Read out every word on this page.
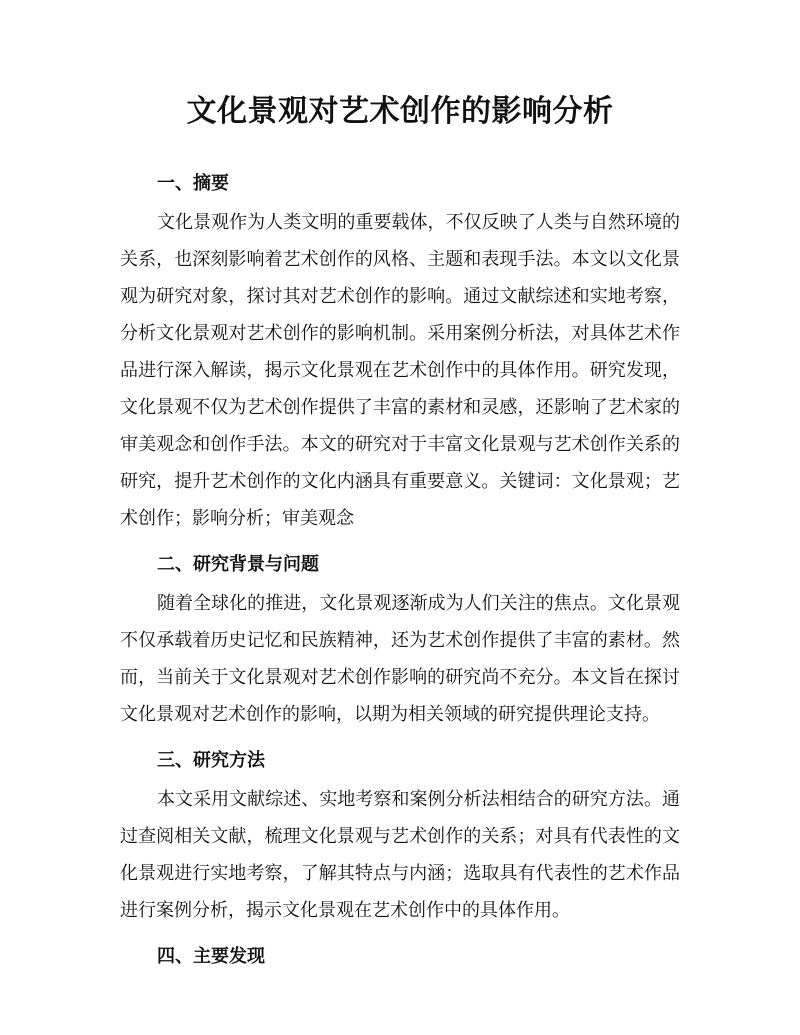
文化景观对艺术创作的影响分析
一、摘要

文化景观作为人类文明的重要载体，不仅反映了人类与自然环境的关系，也深刻影响着艺术创作的风格、主题和表现手法。本文以文化景观为研究对象，探讨其对艺术创作的影响。通过文献综述和实地考察，分析文化景观对艺术创作的影响机制。采用案例分析法，对具体艺术作品进行深入解读，揭示文化景观在艺术创作中的具体作用。研究发现，文化景观不仅为艺术创作提供了丰富的素材和灵感，还影响了艺术家的审美观念和创作手法。本文的研究对于丰富文化景观与艺术创作关系的研究，提升艺术创作的文化内涵具有重要意义。关键词：文化景观；艺术创作；影响分析；审美观念

二、研究背景与问题

随着全球化的推进，文化景观逐渐成为人们关注的焦点。文化景观不仅承载着历史记忆和民族精神，还为艺术创作提供了丰富的素材。然而，当前关于文化景观对艺术创作影响的研究尚不充分。本文旨在探讨文化景观对艺术创作的影响，以期为相关领域的研究提供理论支持。

三、研究方法

本文采用文献综述、实地考察和案例分析法相结合的研究方法。通过查阅相关文献，梳理文化景观与艺术创作的关系；对具有代表性的文化景观进行实地考察，了解其特点与内涵；选取具有代表性的艺术作品进行案例分析，揭示文化景观在艺术创作中的具体作用。

四、主要发现
